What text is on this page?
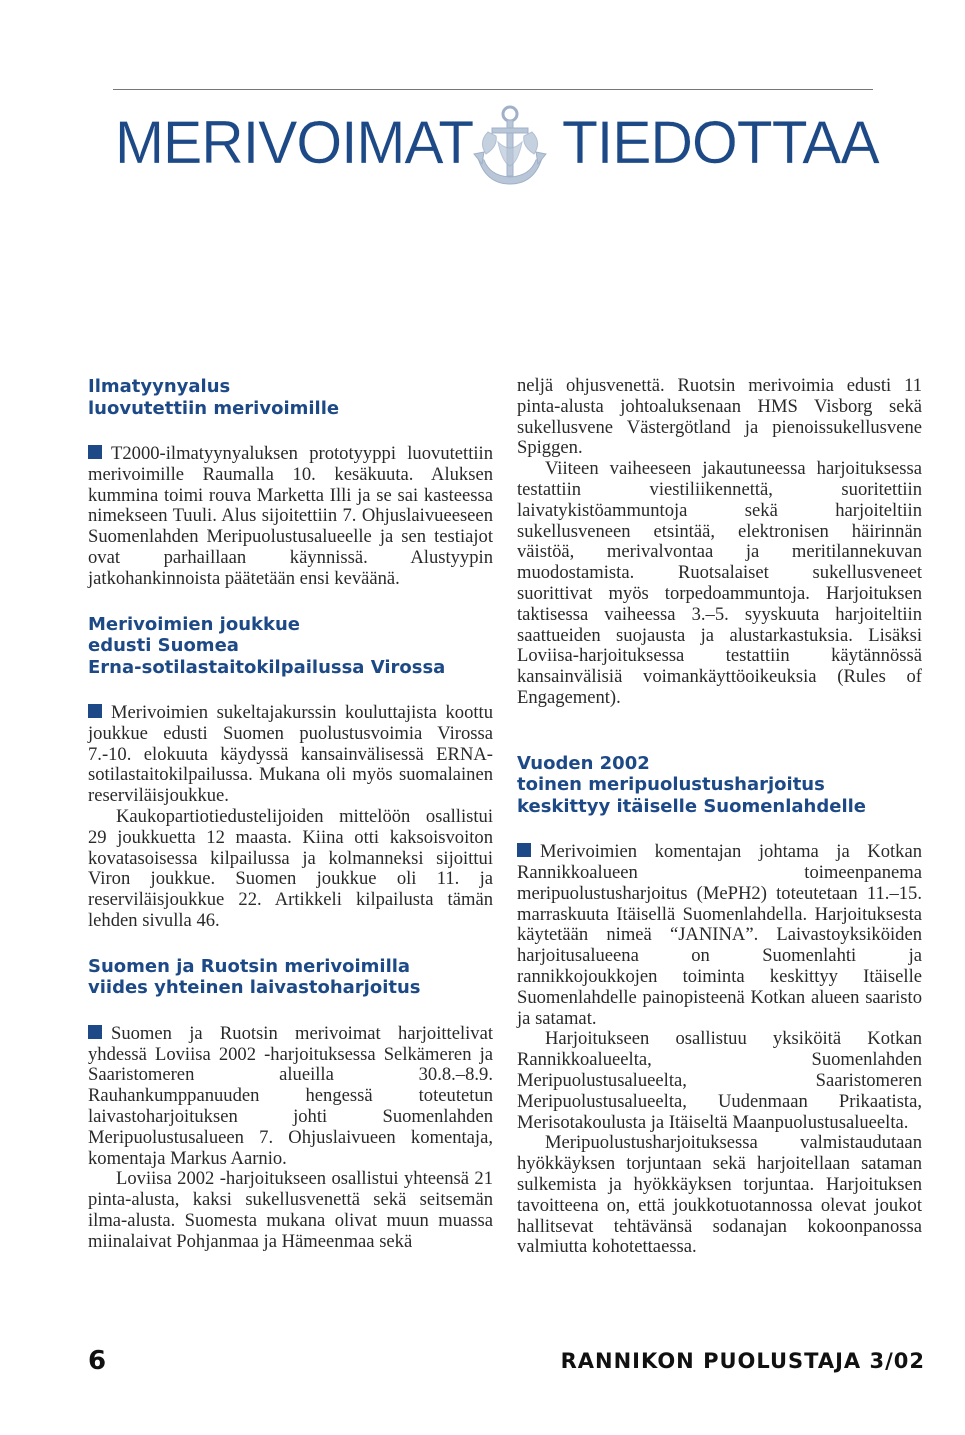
MERIVOIMAT TIEDOTTAA
Ilmatyynyalus
luovutettiin merivoimille

T2000-ilmatyynyaluksen prototyyppi luovutettiin merivoimille Raumalla 10. kesäkuuta. Aluksen kummina toimi rouva Marketta Illi ja se sai kasteessa nimekseen Tuuli. Alus sijoitettiin 7. Ohjuslaivueeseen Suomenlahden Meripuolustusalueelle ja sen testiajot ovat parhaillaan käynnissä. Alustyypin jatkohankinnoista päätetään ensi keväänä.

Merivoimien joukkue
edusti Suomea
Erna-sotilastaitokilpailussa Virossa

Merivoimien sukeltajakurssin kouluttajista koottu joukkue edusti Suomen puolustusvoimia Virossa 7.-10. elokuuta käydyssä kansainvälisessä ERNA-sotilastaitokilpailussa. Mukana oli myös suomalainen reserviläisjoukkue.

Kaukopartiotiedustelijoiden mittelöön osallistui 29 joukkuetta 12 maasta. Kiina otti kaksoisvoiton kovatasoisessa kilpailussa ja kolmanneksi sijoittui Viron joukkue. Suomen joukkue oli 11. ja reserviläisjoukkue 22. Artikkeli kilpailusta tämän lehden sivulla 46.

Suomen ja Ruotsin merivoimilla
viides yhteinen laivastoharjoitus

Suomen ja Ruotsin merivoimat harjoittelivat yhdessä Loviisa 2002 -harjoituksessa Selkämeren ja Saaristomeren alueilla 30.8.–8.9. Rauhankumppanuuden hengessä toteutetun laivastoharjoituksen johti Suomenlahden Meripuolustusalueen 7. Ohjuslaivueen komentaja, komentaja Markus Aarnio.

Loviisa 2002 -harjoitukseen osallistui yhteensä 21 pinta-alusta, kaksi sukellusvenettä sekä seitsemän ilma-alusta. Suomesta mukana olivat muun muassa miinalaivat Pohjanmaa ja Hämeenmaa sekä

neljä ohjusvenettä. Ruotsin merivoimia edusti 11 pinta-alusta johtoaluksenaan HMS Visborg sekä sukellusvene Västergötland ja pienoissukellusvene Spiggen.

Viiteen vaiheeseen jakautuneessa harjoituksessa testattiin viestiliikennettä, suoritettiin laivatykistöammuntoja sekä harjoiteltiin sukellusveneen etsintää, elektronisen häirinnän väistöä, merivalvontaa ja meritilannekuvan muodostamista. Ruotsalaiset sukellusveneet suorittivat myös torpedoammuntoja. Harjoituksen taktisessa vaiheessa 3.–5. syyskuuta harjoiteltiin saattueiden suojausta ja alustarkastuksia. Lisäksi Loviisa-harjoituksessa testattiin käytännössä kansainvälisiä voimankäyttöoikeuksia (Rules of Engagement).

Vuoden 2002
toinen meripuolustusharjoitus
keskittyy itäiselle Suomenlahdelle

Merivoimien komentajan johtama ja Kotkan Rannikkoalueen toimeenpanema meripuolustusharjoitus (MePH2) toteutetaan 11.–15. marraskuuta Itäisellä Suomenlahdella. Harjoituksesta käytetään nimeä “JANINA”. Laivastoyksiköiden harjoitusalueena on Suomenlahti ja rannikkojoukkojen toiminta keskittyy Itäiselle Suomenlahdelle painopisteenä Kotkan alueen saaristo ja satamat.

Harjoitukseen osallistuu yksiköitä Kotkan Rannikkoalueelta, Suomenlahden Meripuolustusalueelta, Saaristomeren Meripuolustusalueelta, Uudenmaan Prikaatista, Merisotakoulusta ja Itäiseltä Maanpuolustusalueelta.

Meripuolustusharjoituksessa valmistaudutaan hyökkäyksen torjuntaan sekä harjoitellaan sataman sulkemista ja hyökkäyksen torjuntaa. Harjoituksen tavoitteena on, että joukkotuotannossa olevat joukot hallitsevat tehtävänsä sodanajan kokoonpanossa valmiutta kohotettaessa.

6	RANNIKON PUOLUSTAJA 3/02
